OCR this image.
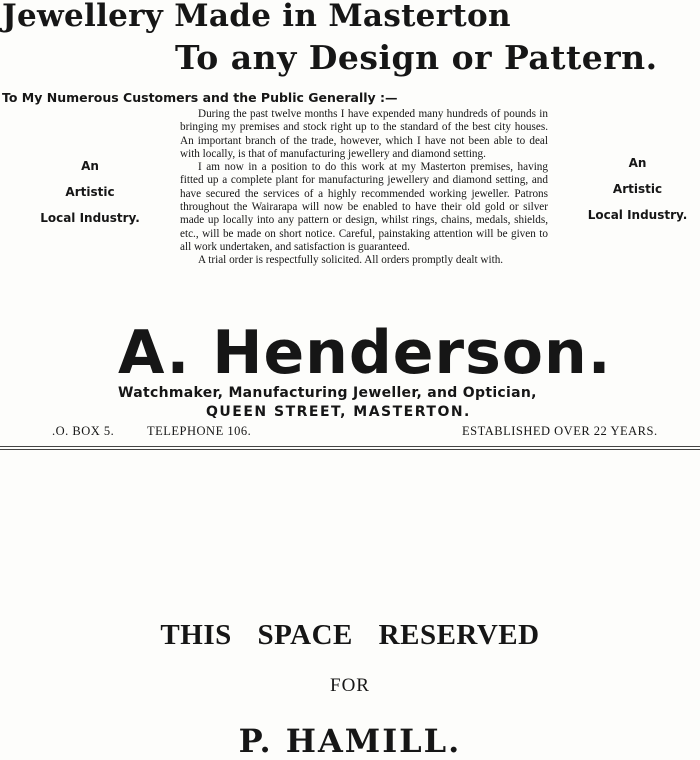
Jewellery Made in Masterton
To any Design or Pattern.
To My Numerous Customers and the Public Generally :—
An
Artistic
Local Industry.

During the past twelve months I have expended many hundreds of pounds in bringing my premises and stock right up to the standard of the best city houses. An important branch of the trade, however, which I have not been able to deal with locally, is that of manufacturing jewellery and diamond setting.

I am now in a position to do this work at my Masterton premises, having fitted up a complete plant for manufacturing jewellery and diamond setting, and have secured the services of a highly recommended working jeweller. Patrons throughout the Wairarapa will now be enabled to have their old gold or silver made up locally into any pattern or design, whilst rings, chains, medals, shields, etc., will be made on short notice. Careful, painstaking attention will be given to all work undertaken, and satisfaction is guaranteed.

A trial order is respectfully solicited. All orders promptly dealt with.

An
Artistic
Local Industry.
A. Henderson.
Watchmaker, Manufacturing Jeweller, and Optician,
QUEEN STREET, MASTERTON.
.O. BOX 5.	TELEPHONE 106.	ESTABLISHED OVER 22 YEARS.
THIS SPACE RESERVED
FOR
P. HAMILL.
